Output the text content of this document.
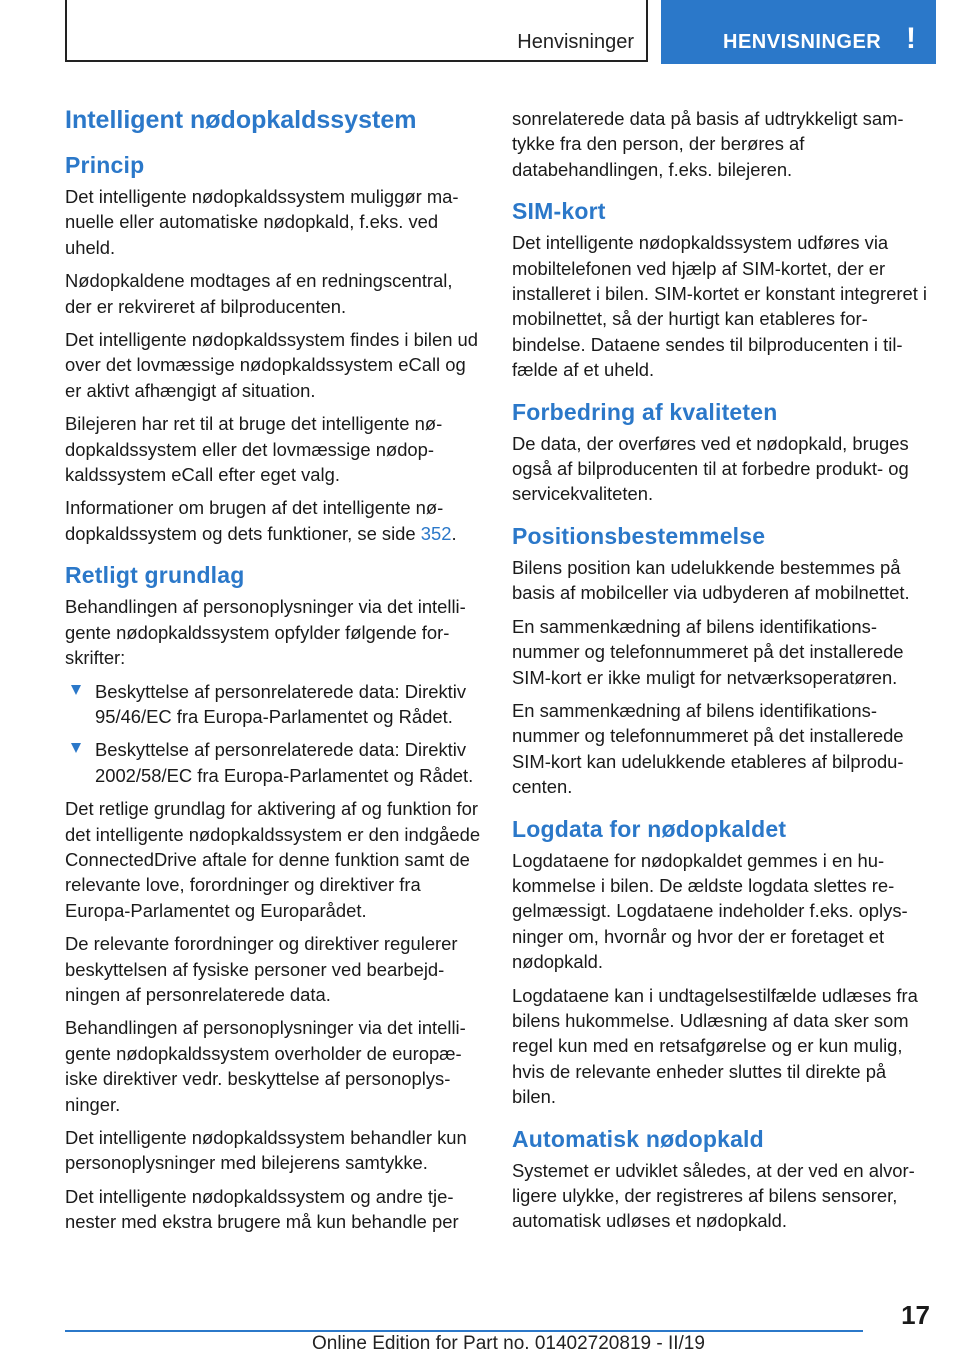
Henvisninger	HENVISNINGER !
Intelligent nødopkaldssystem
Princip

Det intelligente nødopkaldssystem muliggør manuelle eller automatiske nødopkald, f.eks. ved uheld.

Nødopkaldene modtages af en redningscentral, der er rekvireret af bilproducenten.

Det intelligente nødopkaldssystem findes i bilen ud over det lovmæssige nødopkaldssystem eCall og er aktivt afhængigt af situation.

Bilejeren har ret til at bruge det intelligente nødopkaldssystem eller det lovmæssige nødopkaldssystem eCall efter eget valg.

Informationer om brugen af det intelligente nødopkaldssystem og dets funktioner, se side 352.

Retligt grundlag

Behandlingen af personoplysninger via det intelligente nødopkaldssystem opfylder følgende forskrifter:

Beskyttelse af personrelaterede data: Direktiv 95/46/EC fra Europa-Parlamentet og Rådet.
Beskyttelse af personrelaterede data: Direktiv 2002/58/EC fra Europa-Parlamentet og Rådet.

Det retlige grundlag for aktivering af og funktion for det intelligente nødopkaldssystem er den indgåede ConnectedDrive aftale for denne funktion samt de relevante love, forordninger og direktiver fra Europa-Parlamentet og Europarådet.

De relevante forordninger og direktiver regulerer beskyttelsen af fysiske personer ved bearbejdningen af personrelaterede data.

Behandlingen af personoplysninger via det intelligente nødopkaldssystem overholder de europæiske direktiver vedr. beskyttelse af personoplysninger.

Det intelligente nødopkaldssystem behandler kun personoplysninger med bilejerens samtykke.

Det intelligente nødopkaldssystem og andre tjenester med ekstra brugere må kun behandle per

sonrelaterede data på basis af udtrykkeligt samtykke fra den person, der berøres af databehandlingen, f.eks. bilejeren.

SIM-kort

Det intelligente nødopkaldssystem udføres via mobiltelefonen ved hjælp af SIM-kortet, der er installeret i bilen. SIM-kortet er konstant integreret i mobilnettet, så der hurtigt kan etableres forbindelse. Dataene sendes til bilproducenten i tilfælde af et uheld.

Forbedring af kvaliteten

De data, der overføres ved et nødopkald, bruges også af bilproducenten til at forbedre produkt- og servicekvaliteten.

Positionsbestemmelse

Bilens position kan udelukkende bestemmes på basis af mobilceller via udbyderen af mobilnettet.

En sammenkædning af bilens identifikationsnummer og telefonnummeret på det installerede SIM-kort er ikke muligt for netværksoperatøren.

En sammenkædning af bilens identifikationsnummer og telefonnummeret på det installerede SIM-kort kan udelukkende etableres af bilproducenten.

Logdata for nødopkaldet

Logdataene for nødopkaldet gemmes i en hukommelse i bilen. De ældste logdata slettes regelmæssigt. Logdataene indeholder f.eks. oplysninger om, hvornår og hvor der er foretaget et nødopkald.

Logdataene kan i undtagelsestilfælde udlæses fra bilens hukommelse. Udlæsning af data sker som regel kun med en retsafgørelse og er kun mulig, hvis de relevante enheder sluttes til direkte på bilen.

Automatisk nødopkald

Systemet er udviklet således, at der ved en alvorligere ulykke, der registreres af bilens sensorer, automatisk udløses et nødopkald.

17
Online Edition for Part no. 01402720819 - II/19
